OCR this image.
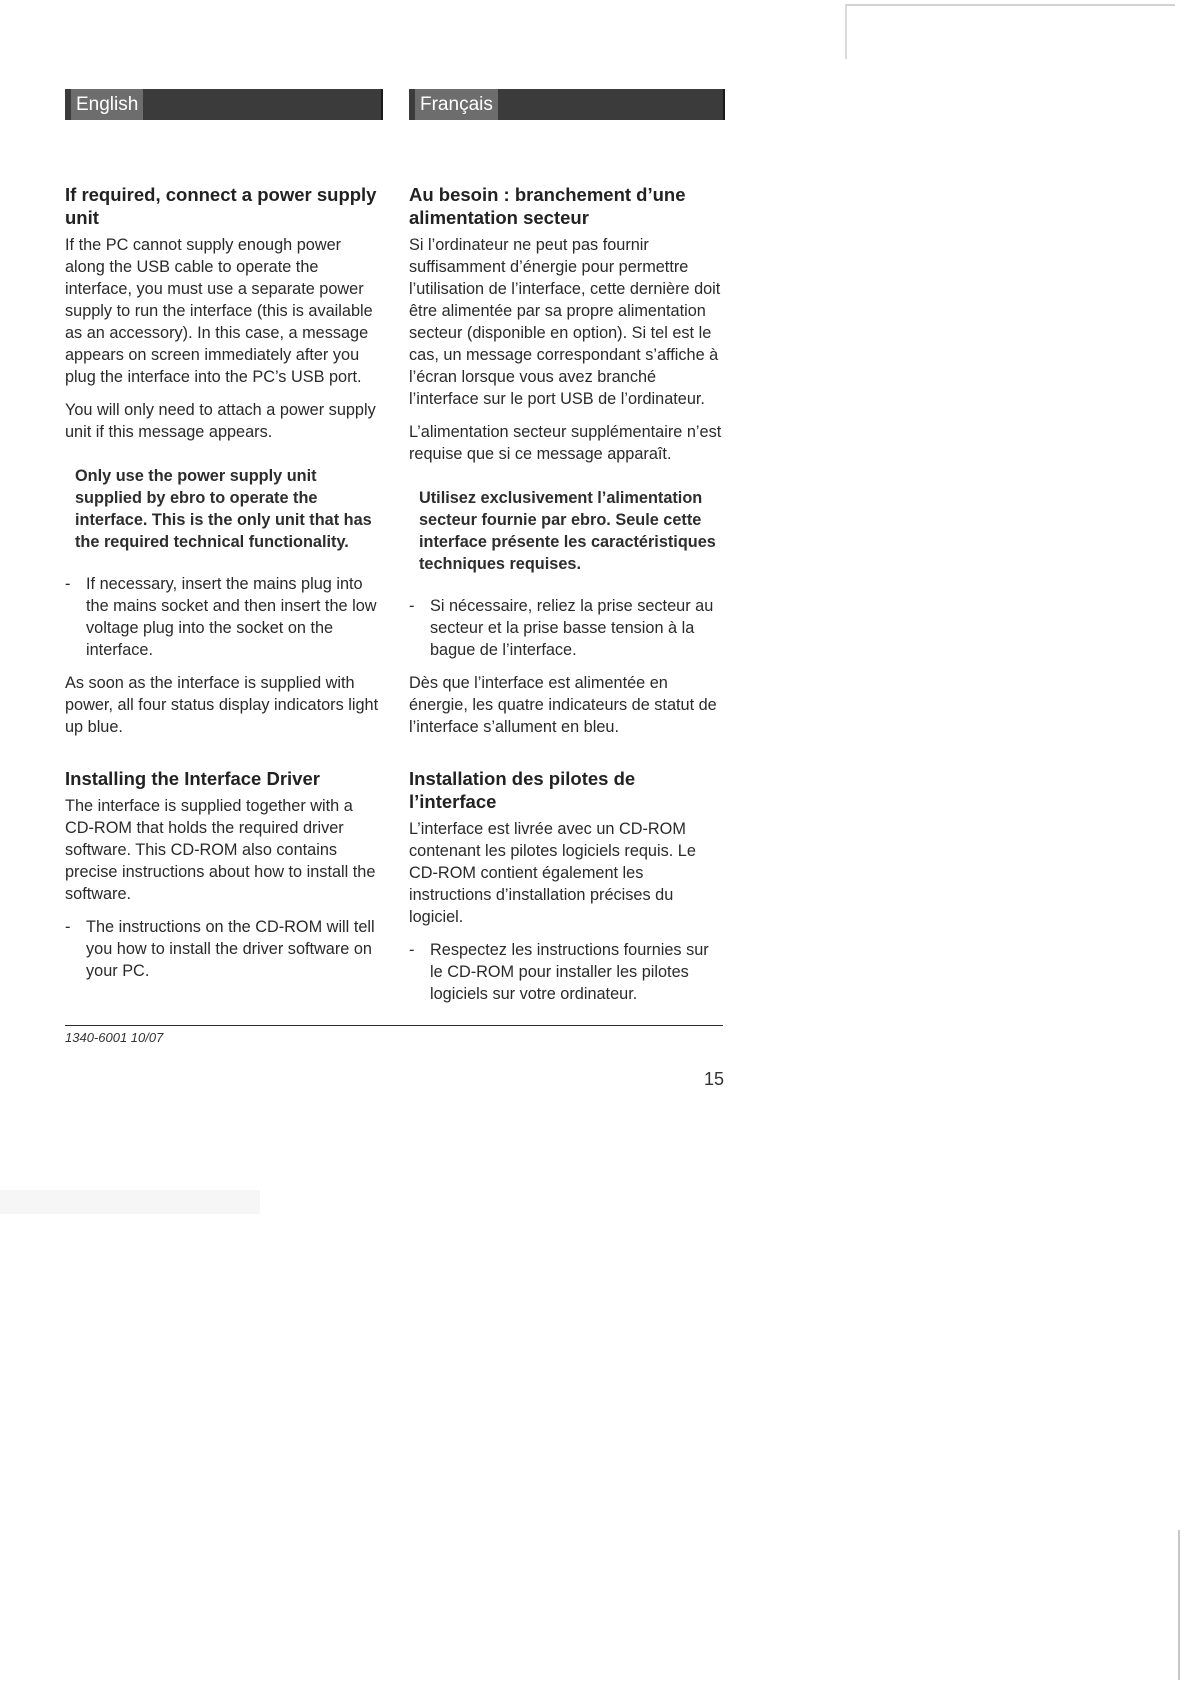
English
If required, connect a power supply unit

If the PC cannot supply enough power along the USB cable to operate the interface, you must use a separate power supply to run the interface (this is available as an accessory). In this case, a message appears on screen immediately after you plug the interface into the PC’s USB port.

You will only need to attach a power supply unit if this message appears.

Only use the power supply unit supplied by ebro to operate the interface. This is the only unit that has the required technical functionality.
- If necessary, insert the mains plug into the mains socket and then insert the low voltage plug into the socket on the interface.

As soon as the interface is supplied with power, all four status display indicators light up blue.

Installing the Interface Driver

The interface is supplied together with a CD-ROM that holds the required driver software. This CD-ROM also contains precise instructions about how to install the software.

- The instructions on the CD-ROM will tell you how to install the driver software on your PC.
Français
Au besoin : branchement d’une alimentation secteur

Si l’ordinateur ne peut pas fournir suffisamment d’énergie pour permettre l’utilisation de l’interface, cette dernière doit être alimentée par sa propre alimentation secteur (disponible en option). Si tel est le cas, un message correspondant s’affiche à l’écran lorsque vous avez branché l’interface sur le port USB de l’ordinateur.

L’alimentation secteur supplémentaire n’est requise que si ce message apparaît.

Utilisez exclusivement l’alimentation secteur fournie par ebro. Seule cette interface présente les caractéristiques techniques requises.
- Si nécessaire, reliez la prise secteur au secteur et la prise basse tension à la bague de l’interface.

Dès que l’interface est alimentée en énergie, les quatre indicateurs de statut de l’interface s’allument en bleu.

Installation des pilotes de l’interface

L’interface est livrée avec un CD-ROM contenant les pilotes logiciels requis. Le CD-ROM contient également les instructions d’installation précises du logiciel.

- Respectez les instructions fournies sur le CD-ROM pour installer les pilotes logiciels sur votre ordinateur.
1340-6001 10/07
15
